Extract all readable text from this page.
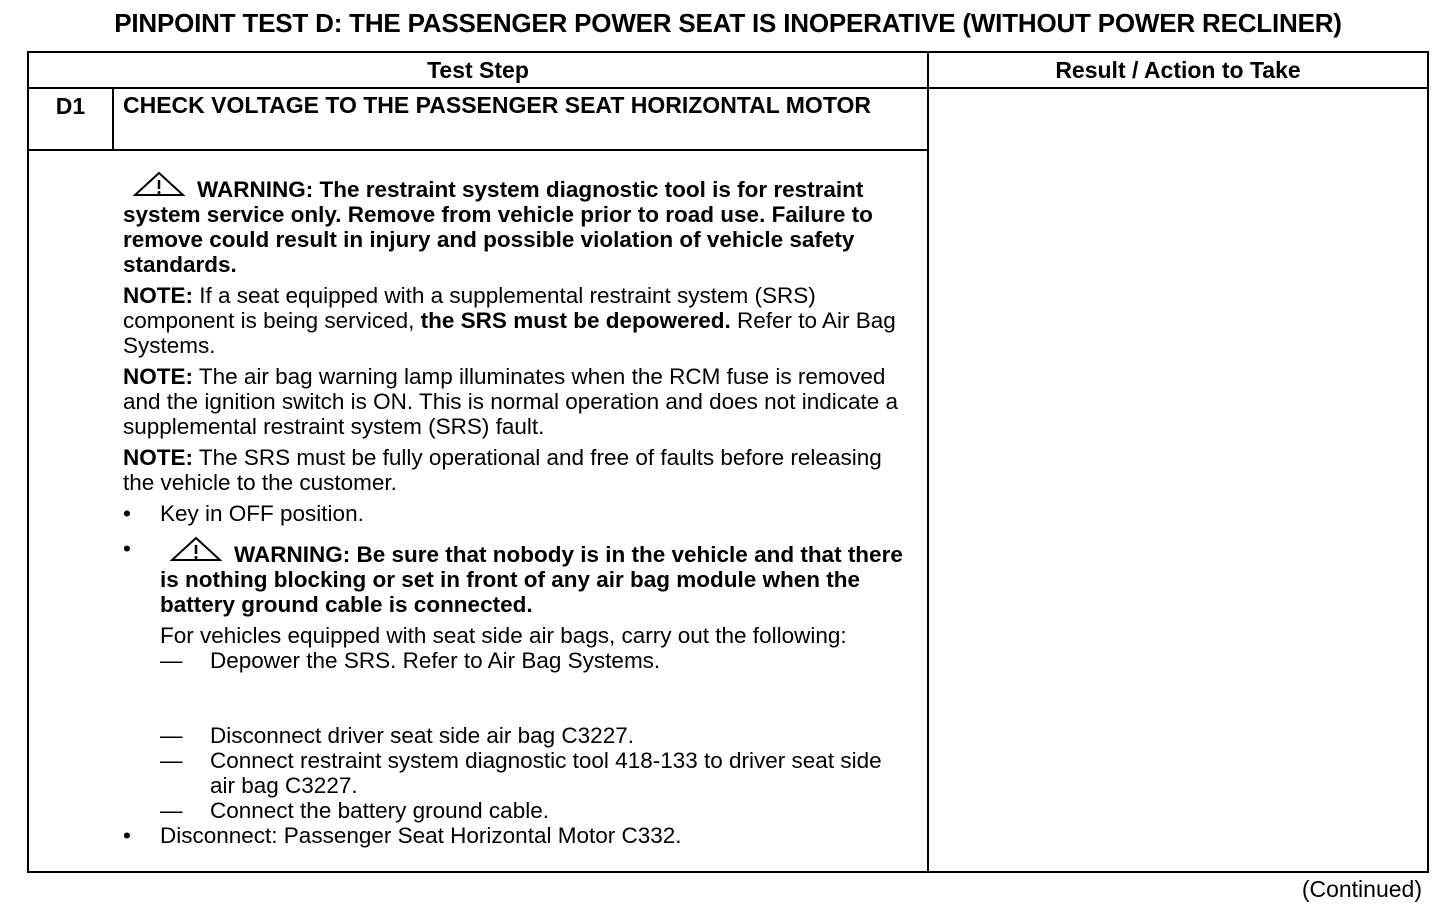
PINPOINT TEST D: THE PASSENGER POWER SEAT IS INOPERATIVE (WITHOUT POWER RECLINER)
Test Step	Result / Action to Take
D1	CHECK VOLTAGE TO THE PASSENGER SEAT HORIZONTAL MOTOR

WARNING: The restraint system diagnostic tool is for restraint system service only. Remove from vehicle prior to road use. Failure to remove could result in injury and possible violation of vehicle safety standards.

NOTE: If a seat equipped with a supplemental restraint system (SRS) component is being serviced, the SRS must be depowered. Refer to Air Bag Systems.

NOTE: The air bag warning lamp illuminates when the RCM fuse is removed and the ignition switch is ON. This is normal operation and does not indicate a supplemental restraint system (SRS) fault.

NOTE: The SRS must be fully operational and free of faults before releasing the vehicle to the customer.

• Key in OFF position.
•	WARNING: Be sure that nobody is in the vehicle and that there is nothing blocking or set in front of any air bag module when the battery ground cable is connected.
For vehicles equipped with seat side air bags, carry out the following:
— Depower the SRS. Refer to Air Bag Systems.
— Disconnect driver seat side air bag C3227.
— Connect restraint system diagnostic tool 418-133 to driver seat side air bag C3227.
— Connect the battery ground cable.
• Disconnect: Passenger Seat Horizontal Motor C332.
(Continued)
